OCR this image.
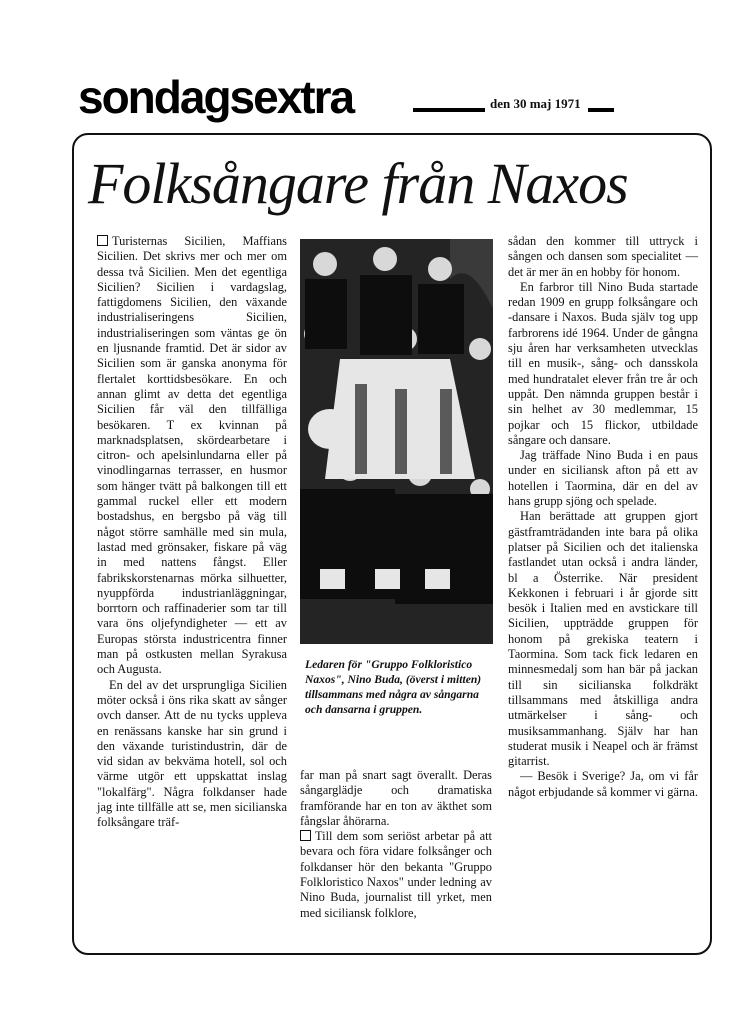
sondagsextra	den 30 maj 1971
Folksångare från Naxos

Turisternas Sicilien, Maffians Sicilien. Det skrivs mer och mer om dessa två Sicilien. Men det egentliga Sicilien? Sicilien i vardagslag, fattigdomens Sicilien, den växande industrialiseringens Sicilien, industrialiseringen som väntas ge ön en ljusnande framtid. Det är sidor av Sicilien som är ganska anonyma för flertalet korttidsbesökare. En och annan glimt av detta det egentliga Sicilien får väl den tillfälliga besökaren. T ex kvinnan på marknadsplatsen, skördearbetare i citron- och apelsinlundarna eller på vinodlingarnas terrasser, en husmor som hänger tvätt på balkongen till ett gammal ruckel eller ett modern bostadshus, en bergsbo på väg till något större samhälle med sin mula, lastad med grönsaker, fiskare på väg in med nattens fångst. Eller fabrikskorstenarnas mörka silhuetter, nyuppförda industrianläggningar, borrtorn och raffinaderier som tar till vara öns oljefyndigheter — ett av Europas största industricentra finner man på ostkusten mellan Syrakusa och Augusta.

En del av det ursprungliga Sicilien möter också i öns rika skatt av sånger ovch danser. Att de nu tycks uppleva en renässans kanske har sin grund i den växande turistindustrin, där de vid sidan av bekväma hotell, sol och värme utgör ett uppskattat inslag "lokalfärg". Några folkdanser hade jag inte tillfälle att se, men sicilianska folksångare träf-

Ledaren för "Gruppo Folkloristico Naxos", Nino Buda, (överst i mitten) tillsammans med några av sångarna och dansarna i gruppen.

far man på snart sagt överallt. Deras sångarglädje och dramatiska framförande har en ton av äkthet som fångslar åhörarna.

Till dem som seriöst arbetar på att bevara och föra vidare folksånger och folkdanser hör den bekanta "Gruppo Folkloristico Naxos" under ledning av Nino Buda, journalist till yrket, men med siciliansk folklore,

sådan den kommer till uttryck i sången och dansen som specialitet — det är mer än en hobby för honom.

En farbror till Nino Buda startade redan 1909 en grupp folksångare och -dansare i Naxos. Buda själv tog upp farbrorens idé 1964. Under de gångna sju åren har verksamheten utvecklas till en musik-, sång- och dansskola med hundratalet elever från tre år och uppåt. Den nämnda gruppen består i sin helhet av 30 medlemmar, 15 pojkar och 15 flickor, utbildade sångare och dansare.

Jag träffade Nino Buda i en paus under en siciliansk afton på ett av hotellen i Taormina, där en del av hans grupp sjöng och spelade.

Han berättade att gruppen gjort gästframträdanden inte bara på olika platser på Sicilien och det italienska fastlandet utan också i andra länder, bl a Österrike. När president Kekkonen i februari i år gjorde sitt besök i Italien med en avstickare till Sicilien, uppträdde gruppen för honom på grekiska teatern i Taormina. Som tack fick ledaren en minnesmedalj som han bär på jackan till sin sicilianska folkdräkt tillsammans med åtskilliga andra utmärkelser i sång- och musiksammanhang. Själv har han studerat musik i Neapel och är främst gitarrist.

— Besök i Sverige? Ja, om vi får något erbjudande så kommer vi gärna.
